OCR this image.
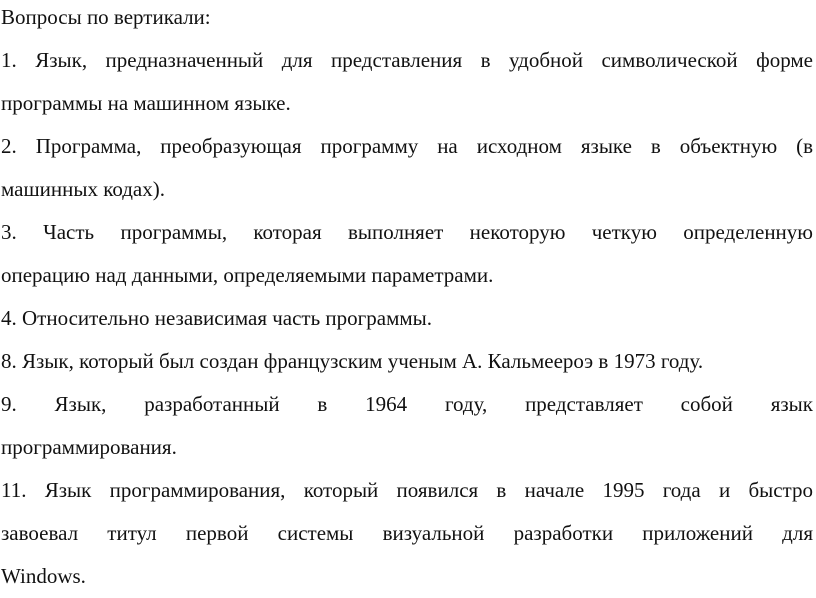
Вопросы по вертикали:
1. Язык, предназначенный для представления в удобной символической форме
программы на машинном языке.
2. Программа, преобразующая программу на исходном языке в объектную (в
машинных кодах).
3. Часть программы, которая выполняет некоторую четкую определенную
операцию над данными, определяемыми параметрами.
4. Относительно независимая часть программы.
8. Язык, который был создан французским ученым А. Кальмеероэ в 1973 году.
9. Язык, разработанный в 1964 году, представляет собой язык
программирования.
11. Язык программирования, который появился в начале 1995 года и быстро
завоевал титул первой системы визуальной разработки приложений для
Windows.
